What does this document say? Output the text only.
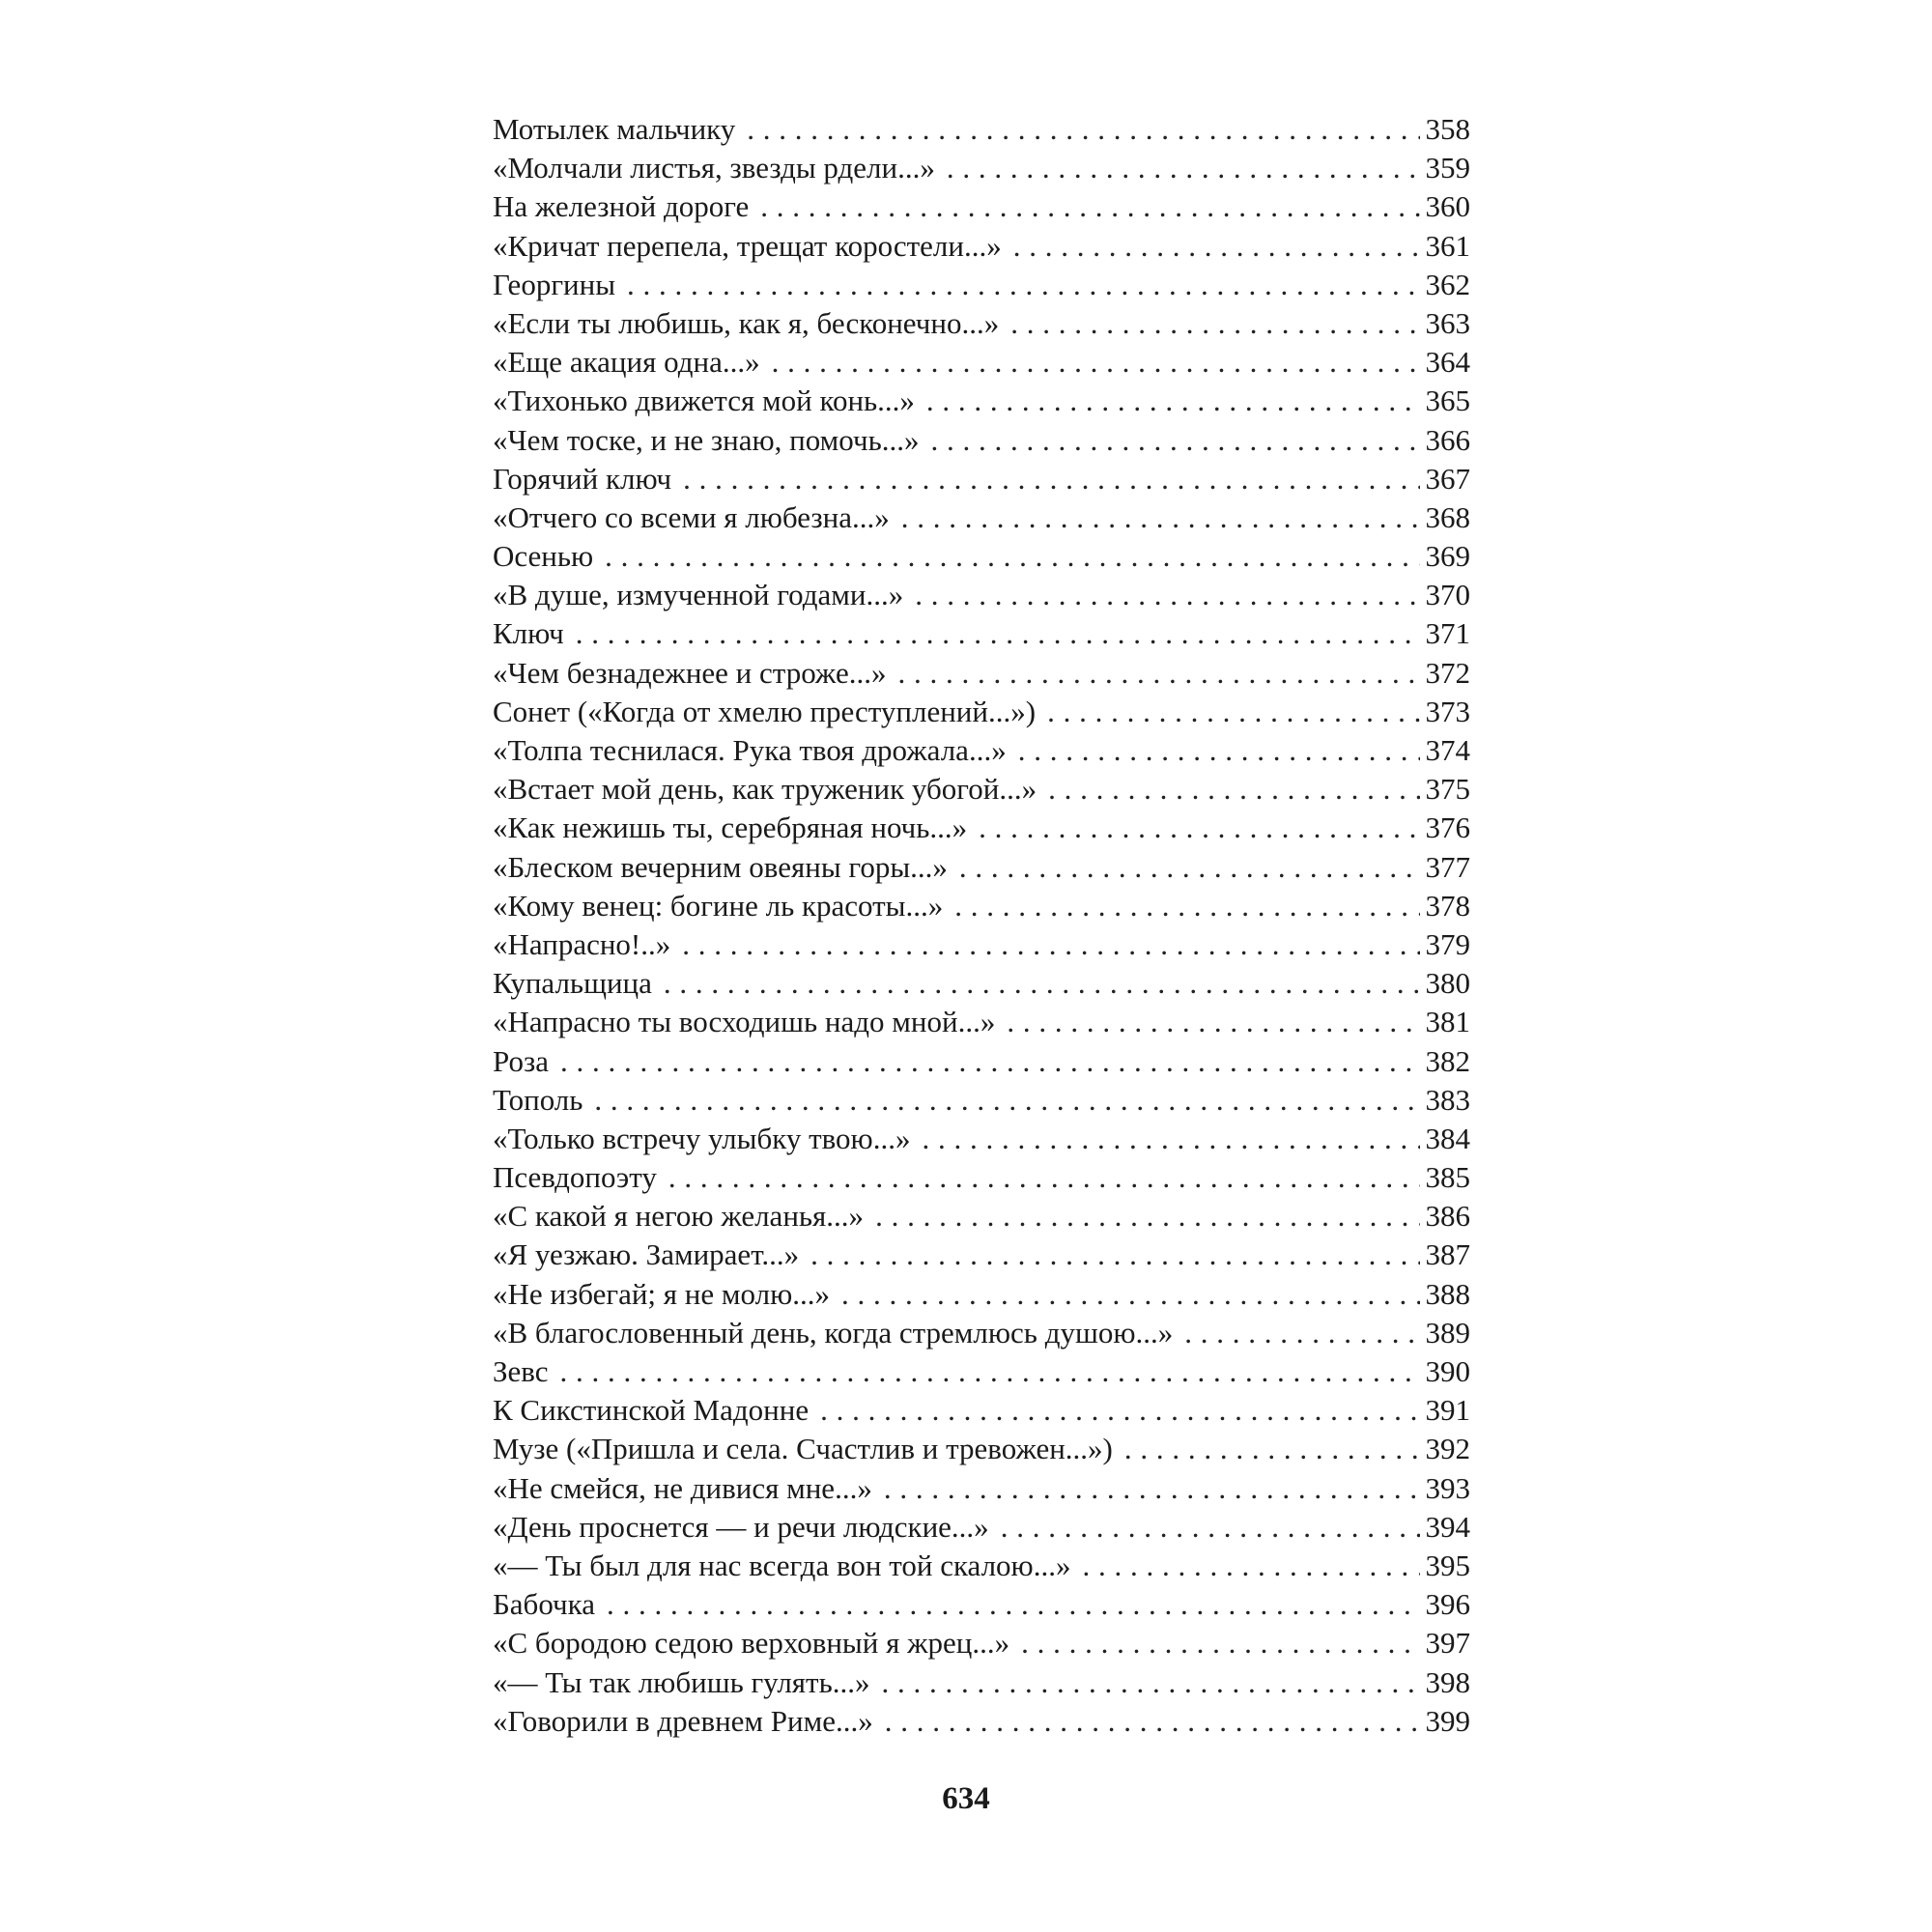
Мотылек мальчику . . .	358
«Молчали листья, звезды рдели...» . . .	359
На железной дороге . . .	360
«Кричат перепела, трещат коростели...» . . .	361
Георгины . . .	362
«Если ты любишь, как я, бесконечно...» . . .	363
«Еще акация одна...» . . .	364
«Тихонько движется мой конь...» . . .	365
«Чем тоске, и не знаю, помочь...» . . .	366
Горячий ключ . . .	367
«Отчего со всеми я любезна...» . . .	368
Осенью . . .	369
«В душе, измученной годами...» . . .	370
Ключ . . .	371
«Чем безнадежнее и строже...» . . .	372
Сонет («Когда от хмелю преступлений...») . . .	373
«Толпа теснилася. Рука твоя дрожала...» . . .	374
«Встает мой день, как труженик убогой...» . . .	375
«Как нежишь ты, серебряная ночь...» . . .	376
«Блеском вечерним овеяны горы...» . . .	377
«Кому венец: богине ль красоты...» . . .	378
«Напрасно!..» . . .	379
Купальщица . . .	380
«Напрасно ты восходишь надо мной...» . . .	381
Роза . . .	382
Тополь . . .	383
«Только встречу улыбку твою...» . . .	384
Псевдопоэту . . .	385
«С какой я негою желанья...» . . .	386
«Я уезжаю. Замирает...» . . .	387
«Не избегай; я не молю...» . . .	388
«В благословенный день, когда стремлюсь душою...» . . .	389
Зевс . . .	390
К Сикстинской Мадонне . . .	391
Музе («Пришла и села. Счастлив и тревожен...») . . .	392
«Не смейся, не дивися мне...» . . .	393
«День проснется — и речи людские...» . . .	394
«— Ты был для нас всегда вон той скалою...» . . .	395
Бабочка . . .	396
«С бородою седою верховный я жрец...» . . .	397
«— Ты так любишь гулять...» . . .	398
«Говорили в древнем Риме...» . . .	399
634
